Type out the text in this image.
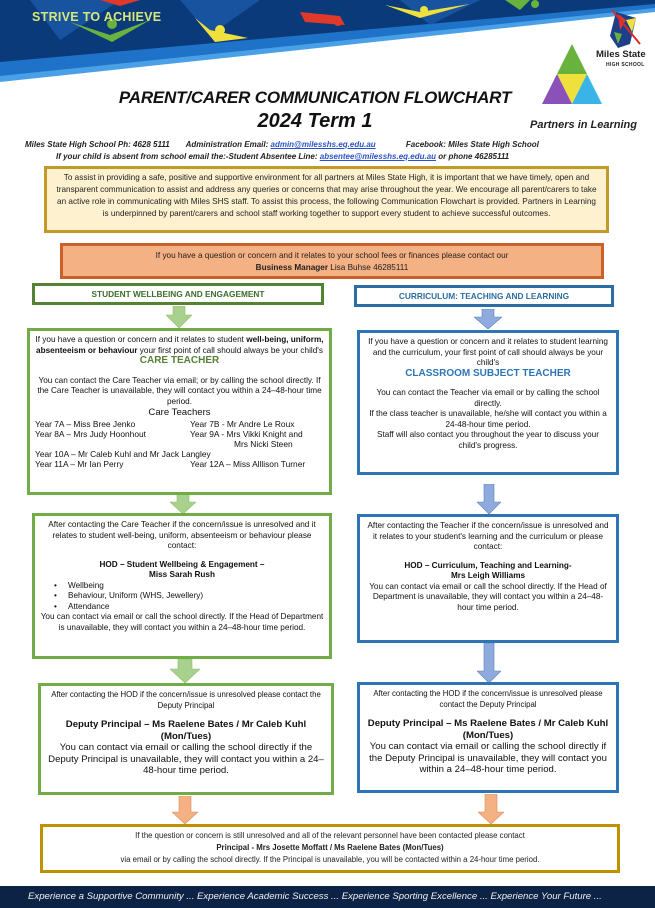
STRIVE TO ACHIEVE
Miles State
HIGH SCHOOL
Partners in Learning
PARENT/CARER COMMUNICATION FLOWCHART
2024 Term 1
Miles State High School Ph: 4628 5111 Administration Email: admin@milesshs.eq.edu.au	Facebook: Miles State High School
If your child is absent from school email the:-Student Absentee Line: absentee@milesshs.eq.edu.au or phone 46285111
To assist in providing a safe, positive and supportive environment for all partners at Miles State High, it is important that we have timely, open and transparent communication to assist and address any queries or concerns that may arise throughout the year. We encourage all parent/carers to take an active role in communicating with Miles SHS staff. To assist this process, the following Communication Flowchart is provided. Partners in Learning is underpinned by parent/carers and school staff working together to support every student to achieve successful outcomes.
If you have a question or concern and it relates to your school fees or finances please contact our
Business Manager Lisa Buhse 46285111
STUDENT WELLBEING AND ENGAGEMENT	CURRICULUM: TEACHING AND LEARNING
If you have a question or concern and it relates to student well-being, uniform, absenteeism or behaviour your first point of call should always be your child's
CARE TEACHER
You can contact the Care Teacher via email; or by calling the school directly. If the Care Teacher is unavailable, they will contact you within a 24–48-hour time period.
Care Teachers
Year 7A – Miss Bree Jenko	Year 7B - Mr Andre Le Roux
Year 8A – Mrs Judy Hoonhout	Year 9A - Mrs Vikki Knight and
Mrs Nicki Steen
Year 10A – Mr Caleb Kuhl and Mr Jack Langley
Year 11A – Mr Ian Perry	Year 12A – Miss Alllison Turner
If you have a question or concern and it relates to student learning and the curriculum, your first point of call should always be your child's
CLASSROOM SUBJECT TEACHER
You can contact the Teacher via email or by calling the school directly.
If the class teacher is unavailable, he/she will contact you within a 24-48-hour time period.
Staff will also contact you throughout the year to discuss your child's progress.
After contacting the Care Teacher if the concern/issue is unresolved and it relates to student well-being, uniform, absenteeism or behaviour please contact:
HOD – Student Wellbeing & Engagement –
Miss Sarah Rush
• Wellbeing
• Behaviour, Uniform (WHS, Jewellery)
• Attendance
You can contact via email or call the school directly. If the Head of Department is unavailable, they will contact you within a 24–48-hour time period.
After contacting the Teacher if the concern/issue is unresolved and it relates to your student's learning and the curriculum or please contact:
HOD – Curriculum, Teaching and Learning-
Mrs Leigh Williams
You can contact via email or call the school directly. If the Head of Department is unavailable, they will contact you within a 24–48-hour time period.
After contacting the HOD if the concern/issue is unresolved please contact the Deputy Principal
Deputy Principal – Ms Raelene Bates / Mr Caleb Kuhl (Mon/Tues)
You can contact via email or calling the school directly if the Deputy Principal is unavailable, they will contact you within a 24–48-hour time period.
After contacting the HOD if the concern/issue is unresolved please contact the Deputy Principal
Deputy Principal – Ms Raelene Bates / Mr Caleb Kuhl (Mon/Tues)
You can contact via email or calling the school directly if the Deputy Principal is unavailable, they will contact you within a 24–48-hour time period.
If the question or concern is still unresolved and all of the relevant personnel have been contacted please contact
Principal - Mrs Josette Moffatt / Ms Raelene Bates (Mon/Tues)
via email or by calling the school directly. If the Principal is unavailable, you will be contacted within a 24-hour time period.
Experience a Supportive Community ... Experience Academic Success ... Experience Sporting Excellence ... Experience Your Future ...
